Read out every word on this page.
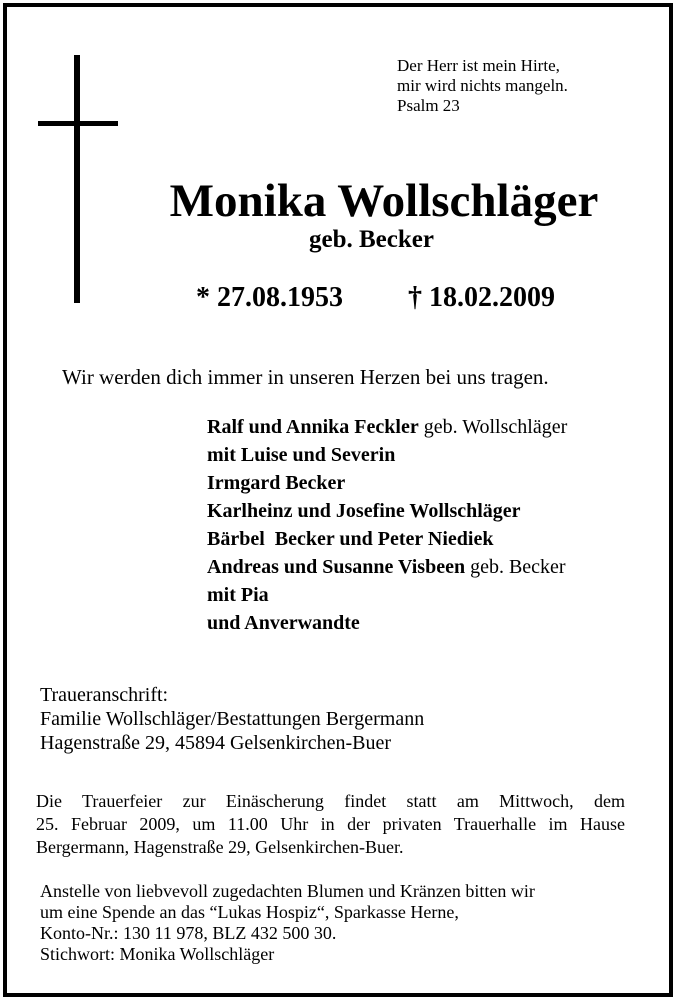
Der Herr ist mein Hirte,
mir wird nichts mangeln.
Psalm 23
Monika Wollschläger
geb. Becker
* 27.08.1953 † 18.02.2009
Wir werden dich immer in unseren Herzen bei uns tragen.
Ralf und Annika Feckler geb. Wollschläger
mit Luise und Severin
Irmgard Becker
Karlheinz und Josefine Wollschläger
Bärbel  Becker und Peter Niediek
Andreas und Susanne Visbeen geb. Becker
mit Pia
und Anverwandte
Traueranschrift:
Familie Wollschläger/Bestattungen Bergermann
Hagenstraße 29, 45894 Gelsenkirchen-Buer
Die Trauerfeier zur Einäscherung findet statt am Mittwoch, dem
25. Februar 2009, um 11.00 Uhr in der privaten Trauerhalle im Hause
Bergermann, Hagenstraße 29, Gelsenkirchen-Buer.
Anstelle von liebvevoll zugedachten Blumen und Kränzen bitten wir
um eine Spende an das “Lukas Hospiz“, Sparkasse Herne,
Konto-Nr.: 130 11 978, BLZ 432 500 30.
Stichwort: Monika Wollschläger
